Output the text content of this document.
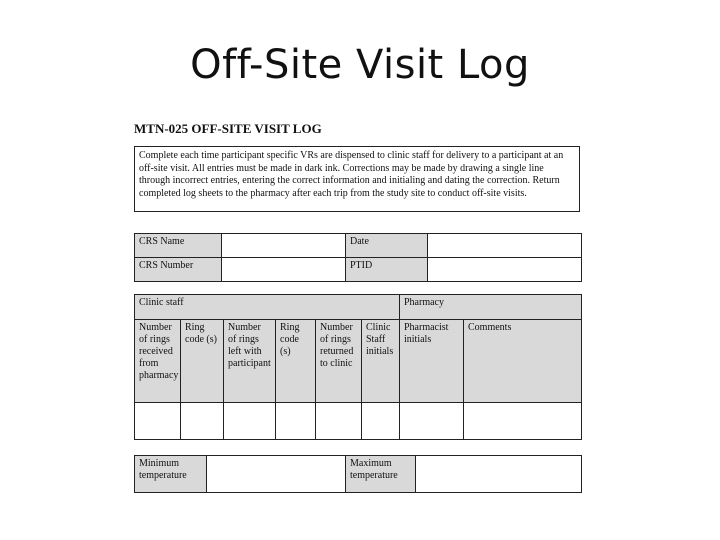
Off-Site Visit Log
MTN-025 OFF-SITE VISIT LOG
Complete each time participant specific VRs are dispensed to clinic staff for delivery to a participant at an off-site visit. All entries must be made in dark ink. Corrections may be made by drawing a single line through incorrect entries, entering the correct information and initialing and dating the correction. Return completed log sheets to the pharmacy after each trip from the study site to conduct off-site visits.
CRS Name		Date	
CRS Number		PTID	
Clinic staff						Pharmacy	
Number of rings received from pharmacy	Ring code (s)	Number of rings left with participant	Ring code (s)	Number of rings returned to clinic	Clinic Staff initials	Pharmacist initials	Comments

Minimum temperature		Maximum temperature	
